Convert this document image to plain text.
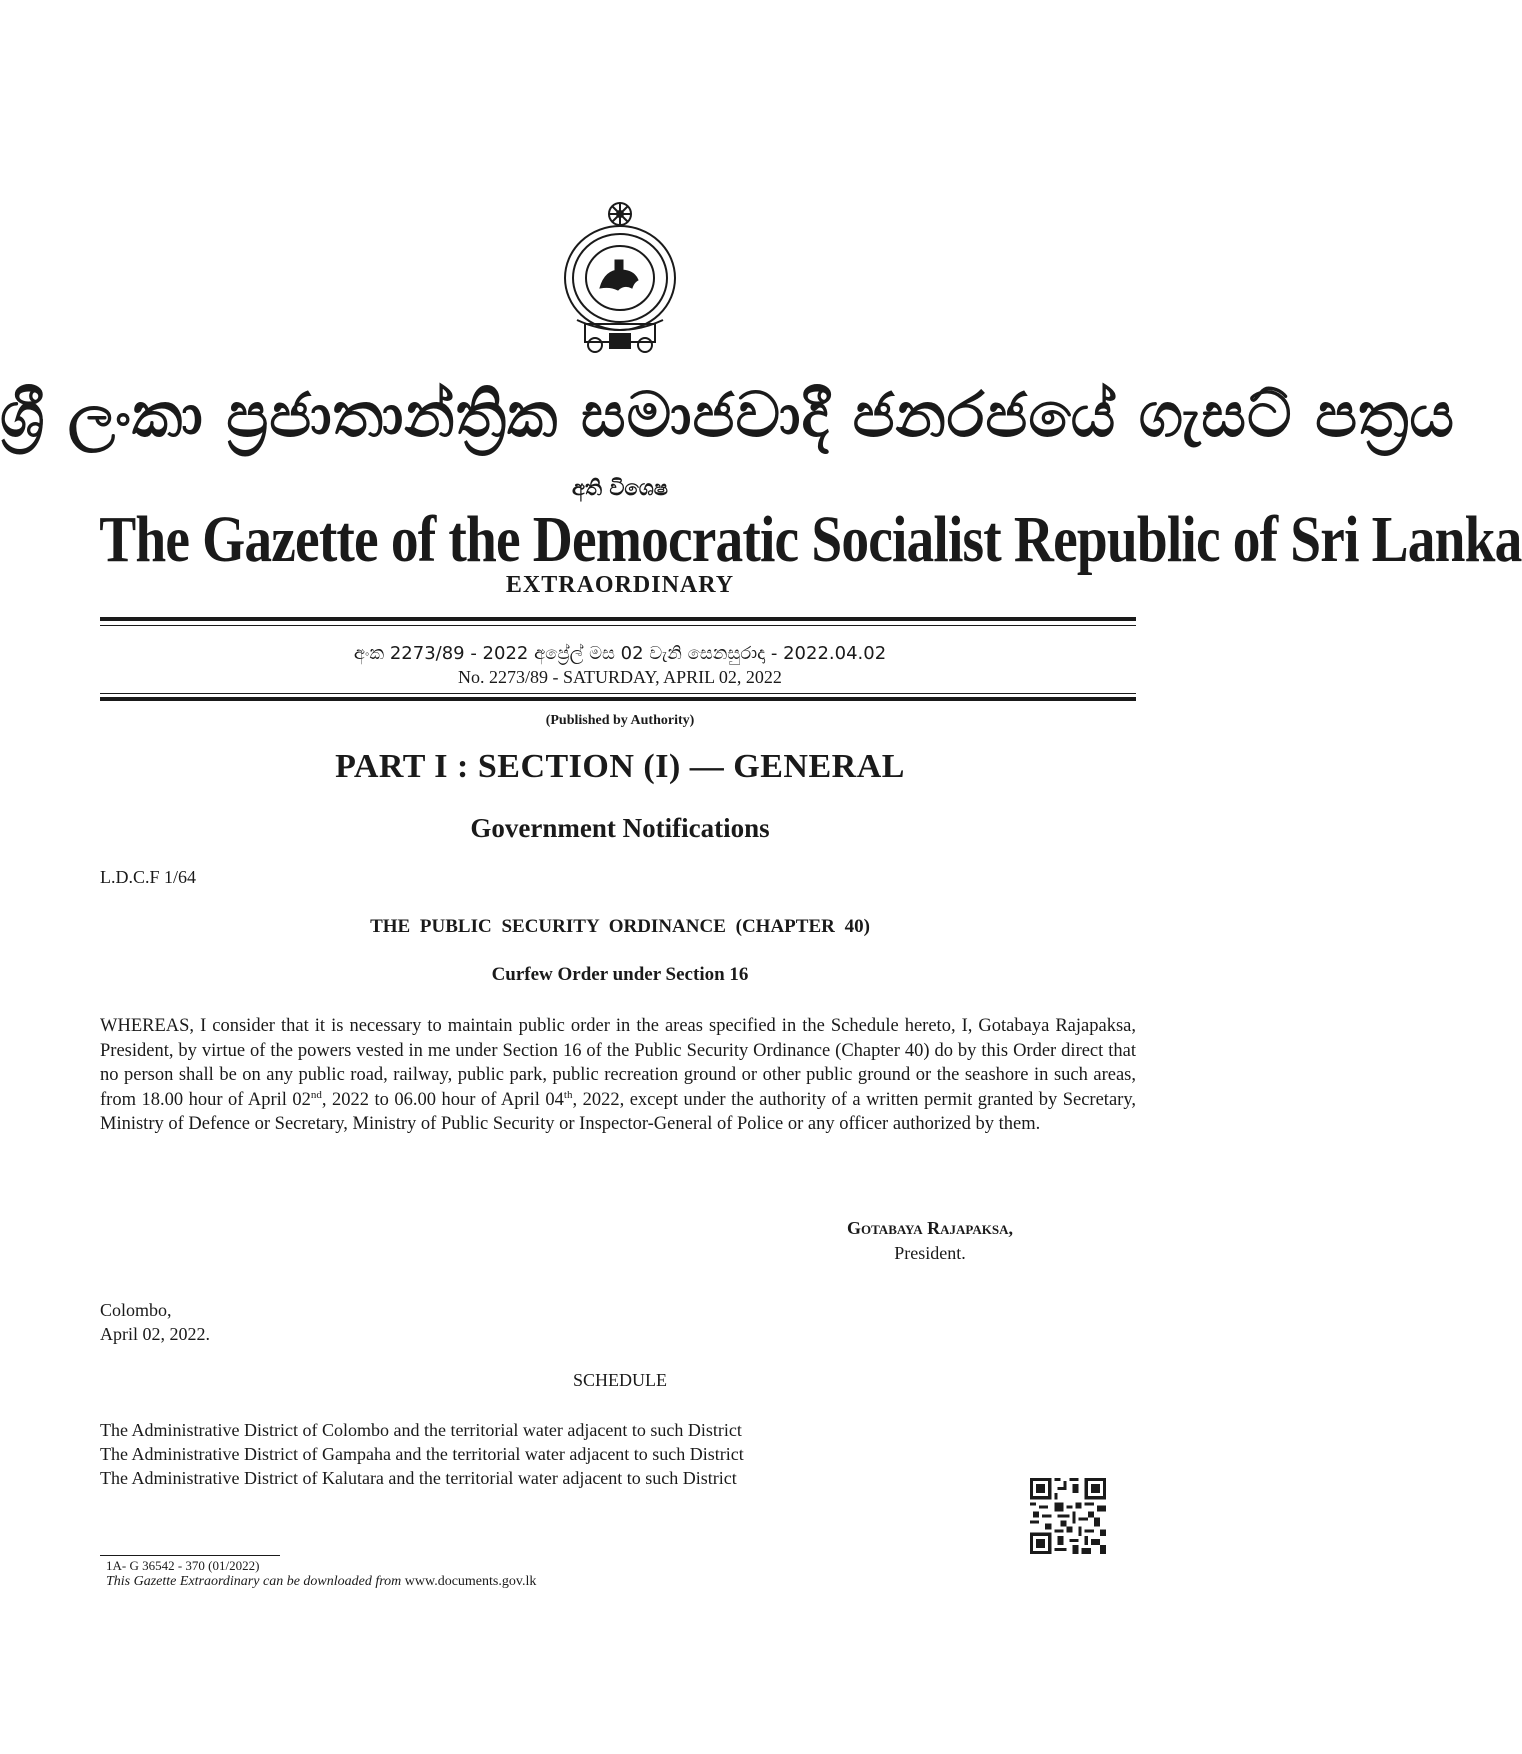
ශ්‍රී ලංකා ප්‍රජාතාන්ත්‍රික සමාජවාදී ජනරජයේ ගැසට් පත්‍රය
අති විශෙෂ
The Gazette of the Democratic Socialist Republic of Sri Lanka
EXTRAORDINARY
අංක 2273/89 - 2022 අප්‍රේල් මස 02 වැනි සෙනසුරාදා - 2022.04.02
No. 2273/89 - SATURDAY, APRIL 02, 2022
(Published by Authority)
PART I : SECTION (I) — GENERAL
Government Notifications
L.D.C.F 1/64
THE PUBLIC SECURITY ORDINANCE (CHAPTER 40)
Curfew Order under Section 16
WHEREAS, I consider that it is necessary to maintain public order in the areas specified in the Schedule hereto, I, Gotabaya Rajapaksa, President, by virtue of the powers vested in me under Section 16 of the Public Security Ordinance (Chapter 40) do by this Order direct that no person shall be on any public road, railway, public park, public recreation ground or other public ground or the seashore in such areas, from 18.00 hour of April 02nd, 2022 to 06.00 hour of April 04th, 2022, except under the authority of a written permit granted by Secretary, Ministry of Defence or Secretary, Ministry of Public Security or Inspector-General of Police or any officer authorized by them.
Gotabaya Rajapaksa,
President.
Colombo,
April 02, 2022.
SCHEDULE
The Administrative District of Colombo and the territorial water adjacent to such District
The Administrative District of Gampaha and the territorial water adjacent to such District
The Administrative District of Kalutara and the territorial water adjacent to such District
1A- G 36542 - 370 (01/2022)
This Gazette Extraordinary can be downloaded from www.documents.gov.lk
